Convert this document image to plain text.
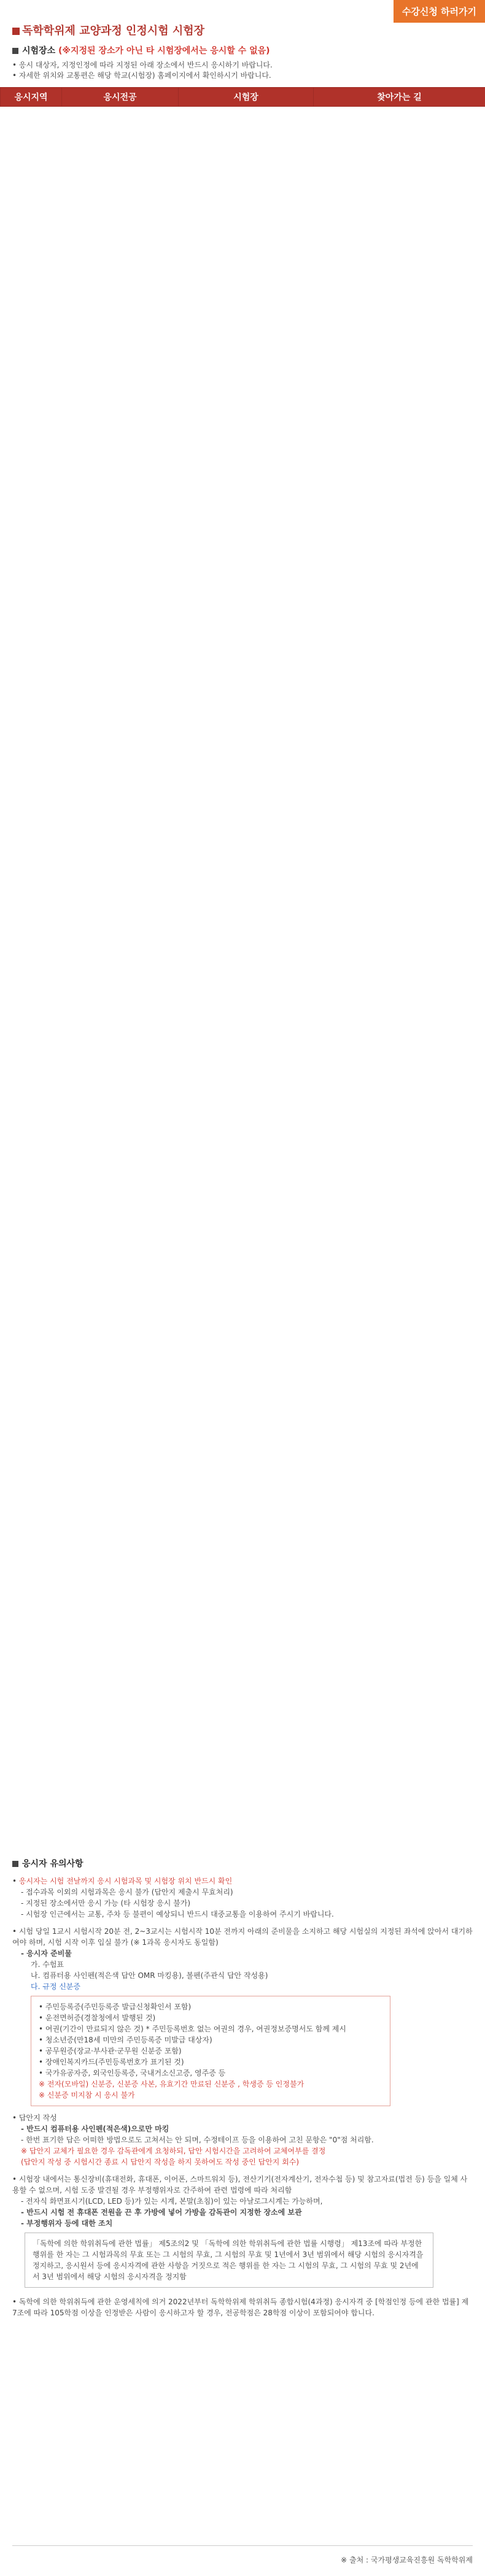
수강신청 하러가기
독학학위제 교양과정 인정시험 시험장
시험장소 (※지정된 장소가 아닌 타 시험장에서는 응시할 수 없음)
• 응시 대상자, 지정인정에 따라 지정된 아래 장소에서 반드시 응시하기 바랍니다.
• 자세한 위치와 교통편은 해당 학교(시험장) 홈페이지에서 확인하시기 바랍니다.
응시지역	응시전공	시험장	찾아가는 길
응시자 유의사항
• 응시자는 시험 전날까지 응시 시험과목 및 시험장 위치 반드시 확인
- 접수과목 이외의 시험과목은 응시 불가 (답안지 제출시 무효처리)
- 지정된 장소에서만 응시 가능 (타 시험장 응시 불가)
- 시험장 인근에서는 교통, 주차 등 불편이 예상되니 반드시 대중교통을 이용하여 주시기 바랍니다.
• 시험 당일 1교시 시험시작 20분 전, 2~3교시는 시험시작 10분 전까지 아래의 준비물을 소지하고 해당 시험실의 지정된 좌석에 앉아서 대기하여야 하며, 시험 시작 이후 입실 불가 (※ 1과목 응시자도 동일함)
- 응시자 준비물
가. 수험표
나. 컴퓨터용 사인펜(적은색 답안 OMR 마킹용), 볼펜(주관식 답안 작성용)
다. 규정 신분증
• 주민등록증(주민등록증 발급신청확인서 포함)
• 운전면허증(경찰청에서 발행된 것)
• 여권(기간이 만료되지 않은 것) * 주민등록번호 없는 여권의 경우, 여권정보증명서도 함께 제시
• 청소년증(만18세 미만의 주민등록증 미발급 대상자)
• 공무원증(장교·부사관·군무원 신분증 포함)
• 장애인복지카드(주민등록번호가 표기된 것)
• 국가유공자증, 외국인등록증, 국내거소신고증, 영주증 등
※ 전자(모바일) 신분증, 신분증 사본, 유효기간 만료된 신분증 , 학생증 등 인정불가
※ 신분증 미지참 시 응시 불가
• 답안지 작성
- 반드시 컴퓨터용 사인펜(적은색)으로만 마킹
- 한번 표기한 답은 어떠한 방법으로도 고쳐서는 안 되며, 수정테이프 등을 이용하여 고친 문항은 "0"점 처리함.
※ 답안지 교체가 필요한 경우 감독관에게 요청하되, 답안 시험시간을 고려하여 교체여부를 결정
(답안지 작성 중 시험시간 종료 시 답안지 작성을 하지 못하여도 작성 중인 답안지 회수)
• 시험장 내에서는 통신장비(휴대전화, 휴대폰, 이어폰, 스마트워치 등), 전산기기(전자계산기, 전자수첩 등) 및 참고자료(법전 등) 등을 일체 사용할 수 없으며, 시험 도중 발견될 경우 부정행위자로 간주하여 관련 법령에 따라 처리함
- 전자식 화면표시기(LCD, LED 등)가 있는 시계, 본말(초침)이 있는 아날로그시계는 가능하며,
- 반드시 시험 전 휴대폰 전원을 끈 후 가방에 넣어 가방을 감독관이 지정한 장소에 보관
- 부정행위자 등에 대한 조치
「독학에 의한 학위취득에 관한 법률」 제5조의2 및 「독학에 의한 학위취득에 관한 법률 시행령」 제13조에 따라 부정한 행위를 한 자는 그 시험과목의 무효 또는 그 시험의 무효, 그 시험의 무효 및 1년에서 3년 범위에서 해당 시험의 응시자격을 정지하고, 응시원서 등에 응시자격에 관한 사항을 거짓으로 적은 행위를 한 자는 그 시험의 무효, 그 시험의 무효 및 2년에서 3년 범위에서 해당 시험의 응시자격을 정지함
• 독학에 의한 학위취득에 관한 운영세칙에 의거 2022년부터 독학학위제 학위취득 종합시험(4과정) 응시자격 중 [학점인정 등에 관한 법률] 제7조에 따라 105학점 이상을 인정받은 사람이 응시하고자 할 경우, 전공학점은 28학점 이상이 포함되어야 합니다.
※ 출처 : 국가평생교육진흥원 독학학위제
